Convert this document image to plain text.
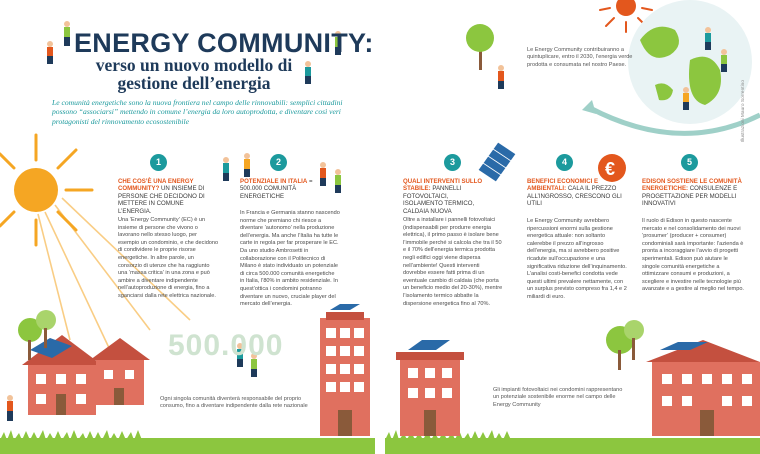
€
ENERGY COMMUNITY:
verso un nuovo modello di gestione dell’energia
Le comunità energetiche sono la nuova frontiera nel campo delle rinnovabili: semplici cittadini possono “associarsi” mettendo in comune l’energia da loro autoprodotta, e diventare così veri protagonisti del rinnovamento ecosostenibile
Le Energy Community contribuiranno a quintuplicare, entro il 2030, l’energia verde prodotta e consumata nel nostro Paese.
Illustrazioni Mauro Sorrentino
1
CHE COS’È UNA ENERGY COMMUNITY? UN INSIEME DI PERSONE CHE DECIDONO DI METTERE IN COMUNE L’ENERGIA.
Una ‘Energy Community’ (EC) è un insieme di persone che vivono o lavorano nello stesso luogo, per esempio un condominio, e che decidono di condividere le proprie risorse energetiche. In altre parole, un consorzio di utenze che ha raggiunto una ‘massa critica’ in una zona e può ambire a diventare indipendente nell’autoproduzione di energia, fino a sganciarsi dalla rete elettrica nazionale.
2
POTENZIALE IN ITALIA = 500.000 COMUNITÀ ENERGETICHE
In Francia e Germania stanno nascendo norme che premiano chi riesce a diventare ‘autonomo’ nella produzione dell’energia. Ma anche l’Italia ha tutte le carte in regola per far prosperare le EC. Da uno studio Ambrosetti in collaborazione con il Politecnico di Milano è stato individuato un potenziale di circa 500.000 comunità energetiche in Italia, l’80% in ambito residenziale. In quest’ottica i condomini potranno diventare un nuovo, cruciale player del mercato dell’energia.
500.000
Ogni singola comunità diventerà responsabile del proprio consumo, fino a diventare indipendente dalla rete nazionale
3
QUALI INTERVENTI SULLO STABILE: PANNELLI FOTOVOLTAICI, ISOLAMENTO TERMICO, CALDAIA NUOVA
Oltre a installare i pannelli fotovoltaici (indispensabili per produrre energia elettrica), il primo passo è isolare bene l’immobile perché si calcola che tra il 50 e il 70% dell’energia termica prodotta negli edifici oggi viene dispersa nell’ambiente! Questi interventi dovrebbe essere fatti prima di un eventuale cambio di caldaia (che porta un beneficio medio del 20-30%), mentre l’isolamento termico abbatte la dispersione energetica fino al 70%.
Gli impianti fotovoltaici nei condomini rappresentano un potenziale sostenibile enorme nel campo delle Energy Community
4
BENEFICI ECONOMICI E AMBIENTALI: CALA IL PREZZO ALL’INGROSSO, CRESCONO GLI UTILI
Le Energy Community avrebbero ripercussioni enormi sulla gestione energetica attuale: non soltanto calerebbe il prezzo all’ingrosso dell’energia, ma si avrebbero positive ricadute sull’occupazione e una significativa riduzione dell’inquinamento. L’analisi costi-benefici condotta vede questi ultimi prevalere nettamente, con un surplus previsto compreso fra 1,4 e 2 miliardi di euro.
5
EDISON SOSTIENE LE COMUNITÀ ENERGETICHE: CONSULENZE E PROGETTAZIONE PER MODELLI INNOVATIVI
Il ruolo di Edison in questo nascente mercato e nel consolidamento dei nuovi ‘prosumer’ (producer + consumer) condominiali sarà importante: l’azienda è pronta a incoraggiare l’avvio di progetti sperimentali. Edison può aiutare le singole comunità energetiche a ottimizzare consumi e produzioni, a scegliere e investire nelle tecnologie più avanzate e a gestire al meglio nel tempo.
